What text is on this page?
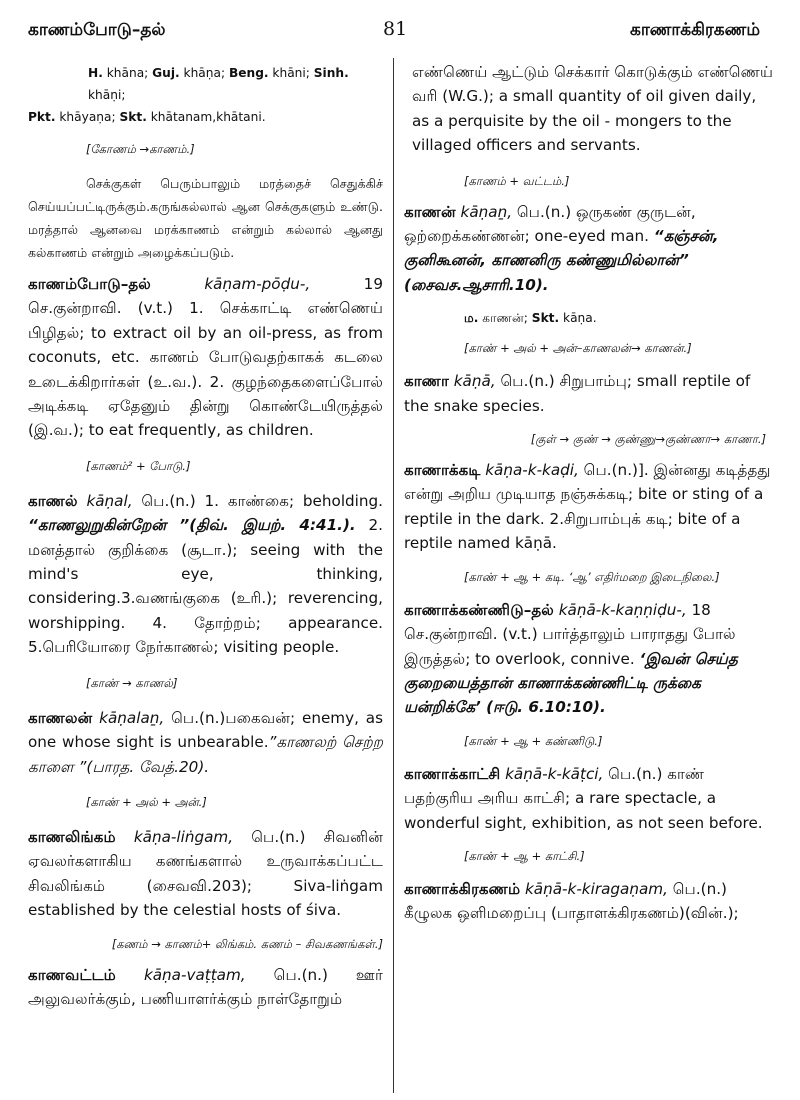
காணம்போடு–தல்	81	காணாக்கிரகணம்

H. khāna; Guj. khāṇa; Beng. khāni; Sinh. khāṇi;

Pkt. khāyaṇa; Skt. khātanam,khātani.

[கோணம் →காணம்.]

செக்குகள் பெரும்பாலும் மரத்தைச் செதுக்கிச் செய்யப்பட்டிருக்கும்.கருங்கல்லால் ஆன செக்குகளும் உண்டு. மரத்தால் ஆனவை மரக்காணம் என்றும் கல்லால் ஆனது கல்காணம் என்றும் அழைக்கப்படும்.

காணம்போடு–தல் kāṇam-pōḍu-, 19 செ.குன்றாவி. (v.t.) 1. செக்காட்டி எண்ணெய் பிழிதல்; to extract oil by an oil-press, as from coconuts, etc. காணம் போடுவதற்காகக் கடலை உடைக்கிறார்கள் (உ.வ.). 2. குழந்தைகளைப்போல் அடிக்கடி ஏதேனும் தின்று கொண்டேயிருத்தல் (இ.வ.); to eat frequently, as children.

[காணம்² + போடு.]

காணல் kāṇal, பெ.(n.) 1. காண்கை; beholding. “காணலுறுகின்றேன் ”(திவ். இயற். 4:41.). 2. மனத்தால் குறிக்கை (சூடா.); seeing with the mind's eye, thinking, considering.3.வணங்குகை (உரி.); reverencing, worshipping. 4. தோற்றம்; appearance. 5.பெரியோரை நேர்காணல்; visiting people.

[காண் → காணல்]

காணலன் kāṇalaṉ, பெ.(n.)பகைவன்; enemy, as one whose sight is unbearable.”காணலற் செற்ற காளை ”(பாரத. வேத்.20).

[காண் + அல் + அன்.]

காணலிங்கம் kāṇa-liṅgam, பெ.(n.) சிவனின் ஏவலர்களாகிய கணங்களால் உருவாக்கப்பட்ட சிவலிங்கம் (சைவவி.203); Siva-liṅgam established by the celestial hosts of śiva.

[கணம் → காணம்+ லிங்கம். கணம் – சிவகணங்கள்.]

காணவட்டம் kāṇa-vaṭṭam, பெ.(n.) ஊர் அலுவலர்க்கும், பணியாளர்க்கும் நாள்தோறும்

எண்ணெய் ஆட்டும் செக்கார் கொடுக்கும் எண்ணெய் வரி (W.G.); a small quantity of oil given daily, as a perquisite by the oil - mongers to the villaged officers and servants.

[காணம் + வட்டம்.]

காணன் kāṇaṉ, பெ.(n.) ஒருகண் குருடன், ஒற்றைக்கண்ணன்; one-eyed man. “கஞ்சன், குனிகூனன், காணனிரு கண்ணுமில்லான்” (சைவச.ஆசாரி.10).

ம. காணன்; Skt. kāṇa.

[காண் + அல் + அன்–காணலன்→ காணன்.]

காணா kāṇā, பெ.(n.) சிறுபாம்பு; small reptile of the snake species.

[குள் → குண் → குண்ணு→குண்ணா→ காணா.]

காணாக்கடி kāṇa-k-kaḍi, பெ.(n.)]. இன்னது கடித்தது என்று அறிய முடியாத நஞ்சுக்கடி; bite or sting of a reptile in the dark. 2.சிறுபாம்புக் கடி; bite of a reptile named kāṇā.

[காண் + ஆ + கடி. ‘ஆ’ எதிர்மறை இடைநிலை.]

காணாக்கண்ணிடு–தல் kāṇā-k-kaṇṇiḍu-, 18 செ.குன்றாவி. (v.t.) பார்த்தாலும் பாராதது போல் இருத்தல்; to overlook, connive. ‘இவன் செய்த குறையைத்தான் காணாக்கண்ணிட்டி ருக்கை யன்றிக்கே’ (ஈடு. 6.10:10).

[காண் + ஆ + கண்ணிடு.]

காணாக்காட்சி kāṇā-k-kāṭci, பெ.(n.) காண் பதற்குரிய அரிய காட்சி; a rare spectacle, a wonderful sight, exhibition, as not seen before.

[காண் + ஆ + காட்சி.]

காணாக்கிரகணம் kāṇā-k-kiragaṇam, பெ.(n.) கீழுலக ஒளிமறைப்பு (பாதாளக்கிரகணம்)(வின்.);
